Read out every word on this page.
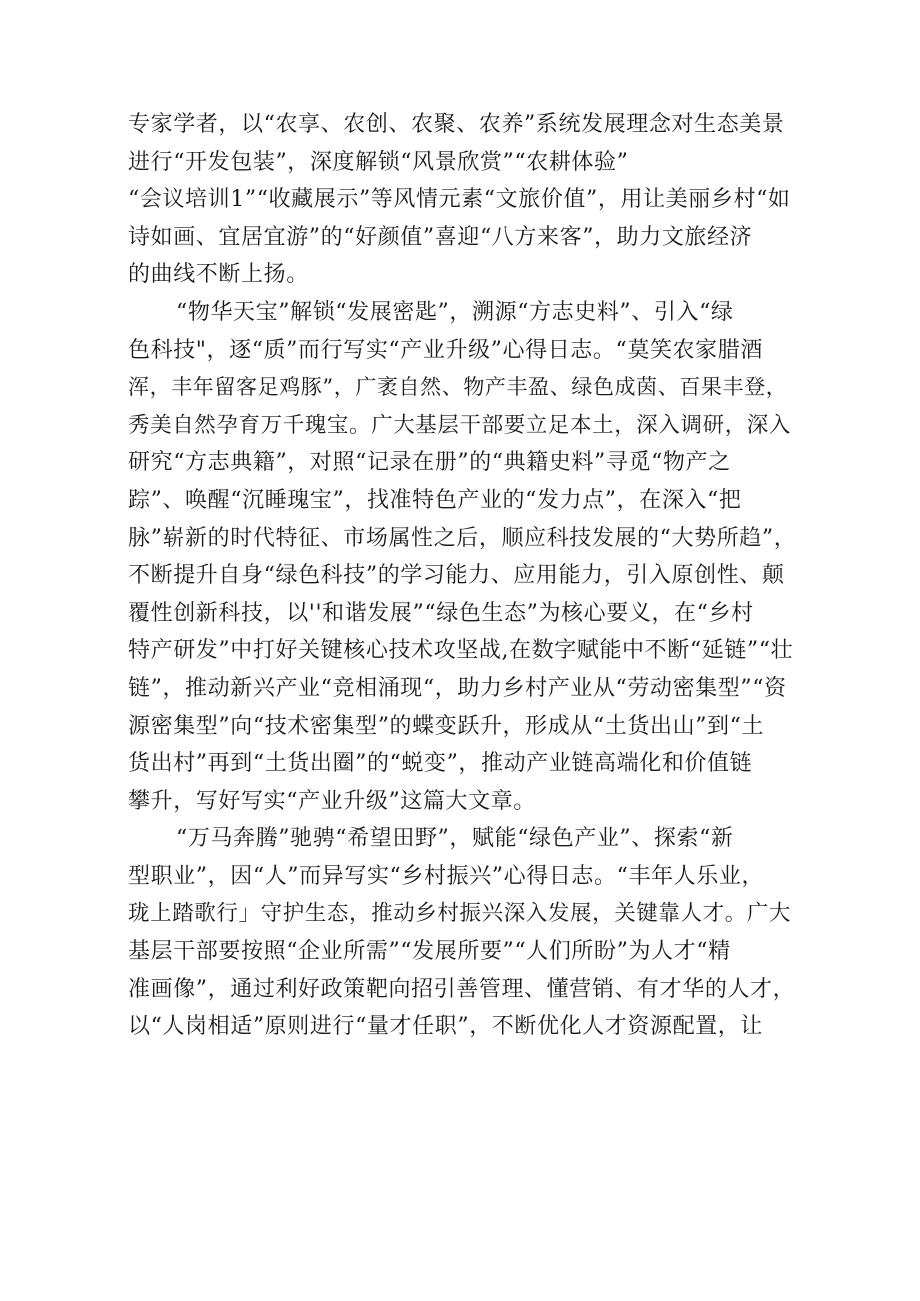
专家学者，以“农享、农创、农聚、农养”系统发展理念对生态美景
进行“开发包装”，深度解锁“风景欣赏”“农耕体验”
“会议培训1”“收藏展示”等风情元素“文旅价值”，用让美丽乡村“如
诗如画、宜居宜游”的“好颜值”喜迎“八方来客”，助力文旅经济
的曲线不断上扬。
“物华天宝”解锁“发展密匙”，溯源“方志史料”、引入“绿
色科技"，逐“质”而行写实“产业升级”心得日志。“莫笑农家腊酒
浑，丰年留客足鸡豚”，广袤自然、物产丰盈、绿色成茵、百果丰登，
秀美自然孕育万千瑰宝。广大基层干部要立足本土，深入调研，深入
研究“方志典籍”，对照“记录在册”的“典籍史料”寻觅“物产之
踪”、唤醒“沉睡瑰宝”，找准特色产业的“发力点”，在深入“把
脉”崭新的时代特征、市场属性之后，顺应科技发展的“大势所趋”，
不断提升自身“绿色科技”的学习能力、应用能力，引入原创性、颠
覆性创新科技，以''和谐发展”“绿色生态”为核心要义，在“乡村
特产研发”中打好关键核心技术攻坚战,在数字赋能中不断“延链”“壮
链”，推动新兴产业“竞相涌现“，助力乡村产业从“劳动密集型”“资
源密集型”向“技术密集型”的蝶变跃升，形成从“土货出山”到“土
货出村”再到“土货出圈”的“蜕变”，推动产业链高端化和价值链
攀升，写好写实“产业升级”这篇大文章。
“万马奔腾”驰骋“希望田野”，赋能“绿色产业”、探索“新
型职业”，因“人”而异写实“乡村振兴”心得日志。“丰年人乐业，
珑上踏歌行」守护生态，推动乡村振兴深入发展，关键靠人才。广大
基层干部要按照“企业所需”“发展所要”“人们所盼”为人才“精
准画像”，通过利好政策靶向招引善管理、懂营销、有才华的人才，
以“人岗相适”原则进行“量才任职”，不断优化人才资源配置，让
